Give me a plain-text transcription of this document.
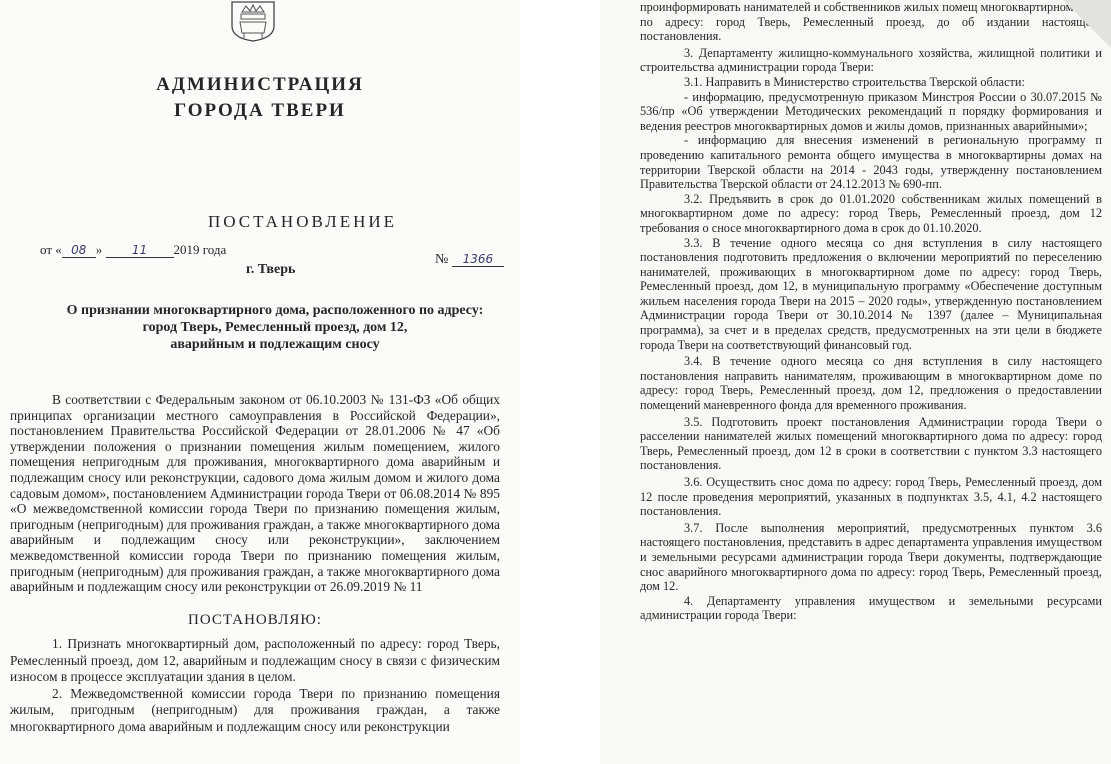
АДМИНИСТРАЦИЯ
ГОРОДА ТВЕРИ
ПОСТАНОВЛЕНИЕ
от « 08 » 11 2019 года
г. Тверь
№ 1366
О признании многоквартирного дома, расположенного по адресу:
город Тверь, Ремесленный проезд, дом 12,
аварийным и подлежащим сносу

В соответствии с Федеральным законом от 06.10.2003 № 131-ФЗ «Об общих принципах организации местного самоуправления в Российской Федерации», постановлением Правительства Российской Федерации от 28.01.2006 № 47 «Об утверждении положения о признании помещения жилым помещением, жилого помещения непригодным для проживания, многоквартирного дома аварийным и подлежащим сносу или реконструкции, садового дома жилым домом и жилого дома садовым домом», постановлением Администрации города Твери от 06.08.2014 № 895 «О межведомственной комиссии города Твери по признанию помещения жилым, пригодным (непригодным) для проживания граждан, а также многоквартирного дома аварийным и подлежащим сносу или реконструкции», заключением межведомственной комиссии города Твери по признанию помещения жилым, пригодным (непригодным) для проживания граждан, а также многоквартирного дома аварийным и подлежащим сносу или реконструкции от 26.09.2019 № 11

ПОСТАНОВЛЯЮ:

1. Признать многоквартирный дом, расположенный по адресу: город Тверь, Ремесленный проезд, дом 12, аварийным и подлежащим сносу в связи с физическим износом в процессе эксплуатации здания в целом.

2. Межведомственной комиссии города Твери по признанию помещения жилым, пригодным (непригодным) для проживания граждан, а также многоквартирного дома аварийным и подлежащим сносу или реконструкции

проинформировать нанимателей и собственников жилых помещ многоквартирном доме по адресу: город Тверь, Ремесленный проезд, до об издании настоящего постановления.

3. Департаменту жилищно-коммунального хозяйства, жилищной политики и строительства администрации города Твери:

3.1. Направить в Министерство строительства Тверской области:

- информацию, предусмотренную приказом Минстроя России о 30.07.2015 № 536/пр «Об утверждении Методических рекомендаций п порядку формирования и ведения реестров многоквартирных домов и жилы домов, признанных аварийными»;

- информацию для внесения изменений в региональную программу п проведению капитального ремонта общего имущества в многоквартирны домах на территории Тверской области на 2014 - 2043 годы, утвержденну постановлением Правительства Тверской области от 24.12.2013 № 690-пп.

3.2. Предъявить в срок до 01.01.2020 собственникам жилых помещений в многоквартирном доме по адресу: город Тверь, Ремесленный проезд, дом 12 требования о сносе многоквартирного дома в срок до 01.10.2020.

3.3. В течение одного месяца со дня вступления в силу настоящего постановления подготовить предложения о включении мероприятий по переселению нанимателей, проживающих в многоквартирном доме по адресу: город Тверь, Ремесленный проезд, дом 12, в муниципальную программу «Обеспечение доступным жильем населения города Твери на 2015 – 2020 годы», утвержденную постановлением Администрации города Твери от 30.10.2014 № 1397 (далее – Муниципальная программа), за счет и в пределах средств, предусмотренных на эти цели в бюджете города Твери на соответствующий финансовый год.

3.4. В течение одного месяца со дня вступления в силу настоящего постановления направить нанимателям, проживающим в многоквартирном доме по адресу: город Тверь, Ремесленный проезд, дом 12, предложения о предоставлении помещений маневренного фонда для временного проживания.

3.5. Подготовить проект постановления Администрации города Твери о расселении нанимателей жилых помещений многоквартирного дома по адресу: город Тверь, Ремесленный проезд, дом 12 в сроки в соответствии с пунктом 3.3 настоящего постановления.

3.6. Осуществить снос дома по адресу: город Тверь, Ремесленный проезд, дом 12 после проведения мероприятий, указанных в подпунктах 3.5, 4.1, 4.2 настоящего постановления.

3.7. После выполнения мероприятий, предусмотренных пунктом 3.6 настоящего постановления, представить в адрес департамента управления имуществом и земельными ресурсами администрации города Твери документы, подтверждающие снос аварийного многоквартирного дома по адресу: город Тверь, Ремесленный проезд, дом 12.

4. Департаменту управления имуществом и земельными ресурсами администрации города Твери:
